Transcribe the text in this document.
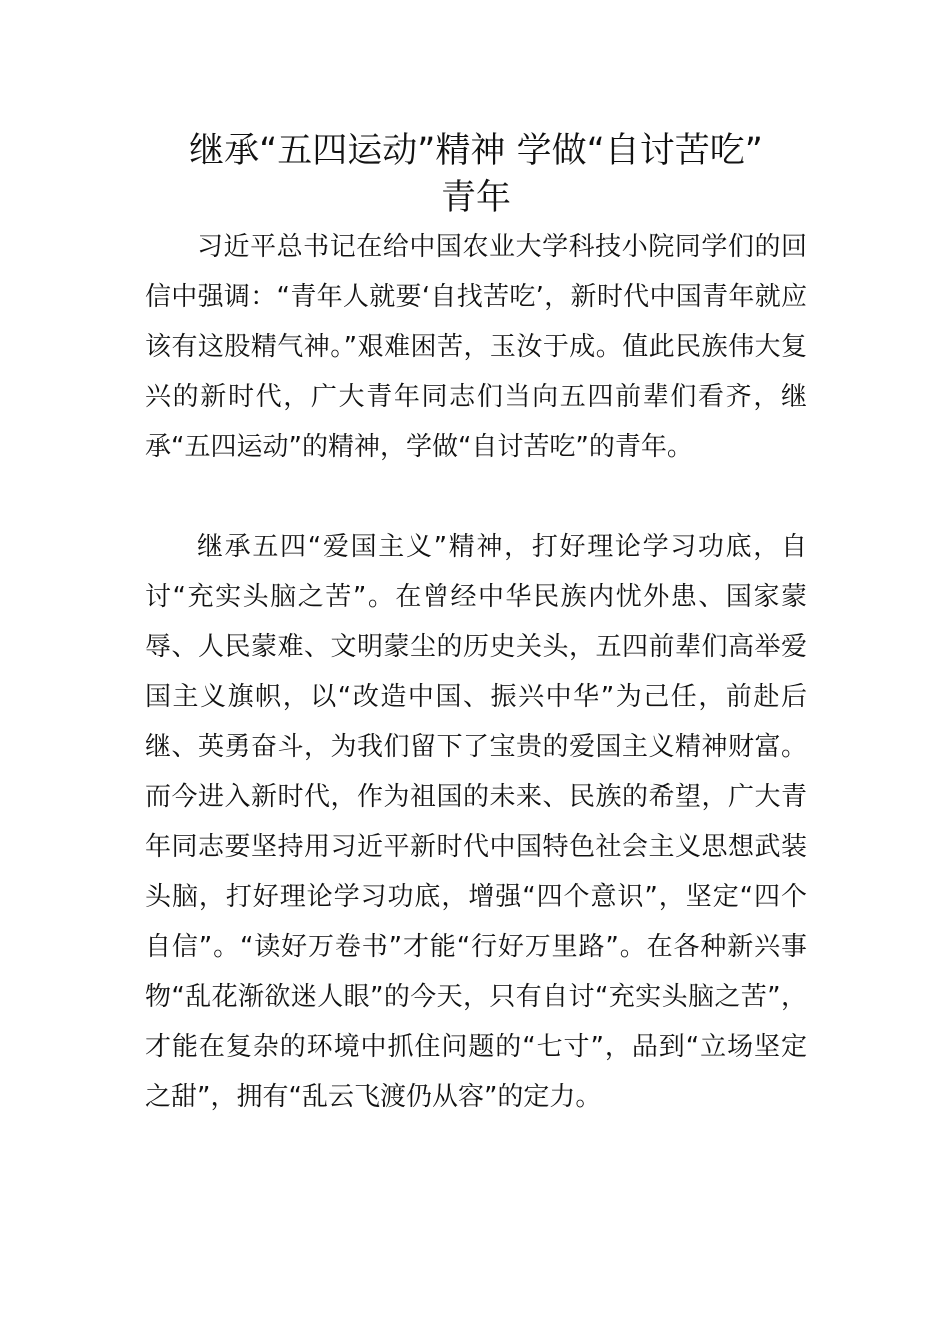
继承“五四运动”精神 学做“自讨苦吃”
青年

习近平总书记在给中国农业大学科技小院同学们的回信中强调：“青年人就要‘自找苦吃’，新时代中国青年就应该有这股精气神。”艰难困苦，玉汝于成。值此民族伟大复兴的新时代，广大青年同志们当向五四前辈们看齐，继承“五四运动”的精神，学做“自讨苦吃”的青年。

继承五四“爱国主义”精神，打好理论学习功底，自讨“充实头脑之苦”。在曾经中华民族内忧外患、国家蒙辱、人民蒙难、文明蒙尘的历史关头，五四前辈们高举爱国主义旗帜，以“改造中国、振兴中华”为己任，前赴后继、英勇奋斗，为我们留下了宝贵的爱国主义精神财富。而今进入新时代，作为祖国的未来、民族的希望，广大青年同志要坚持用习近平新时代中国特色社会主义思想武装头脑，打好理论学习功底，增强“四个意识”，坚定“四个自信”。“读好万卷书”才能“行好万里路”。在各种新兴事物“乱花渐欲迷人眼”的今天，只有自讨“充实头脑之苦”，才能在复杂的环境中抓住问题的“七寸”，品到“立场坚定之甜”，拥有“乱云飞渡仍从容”的定力。
